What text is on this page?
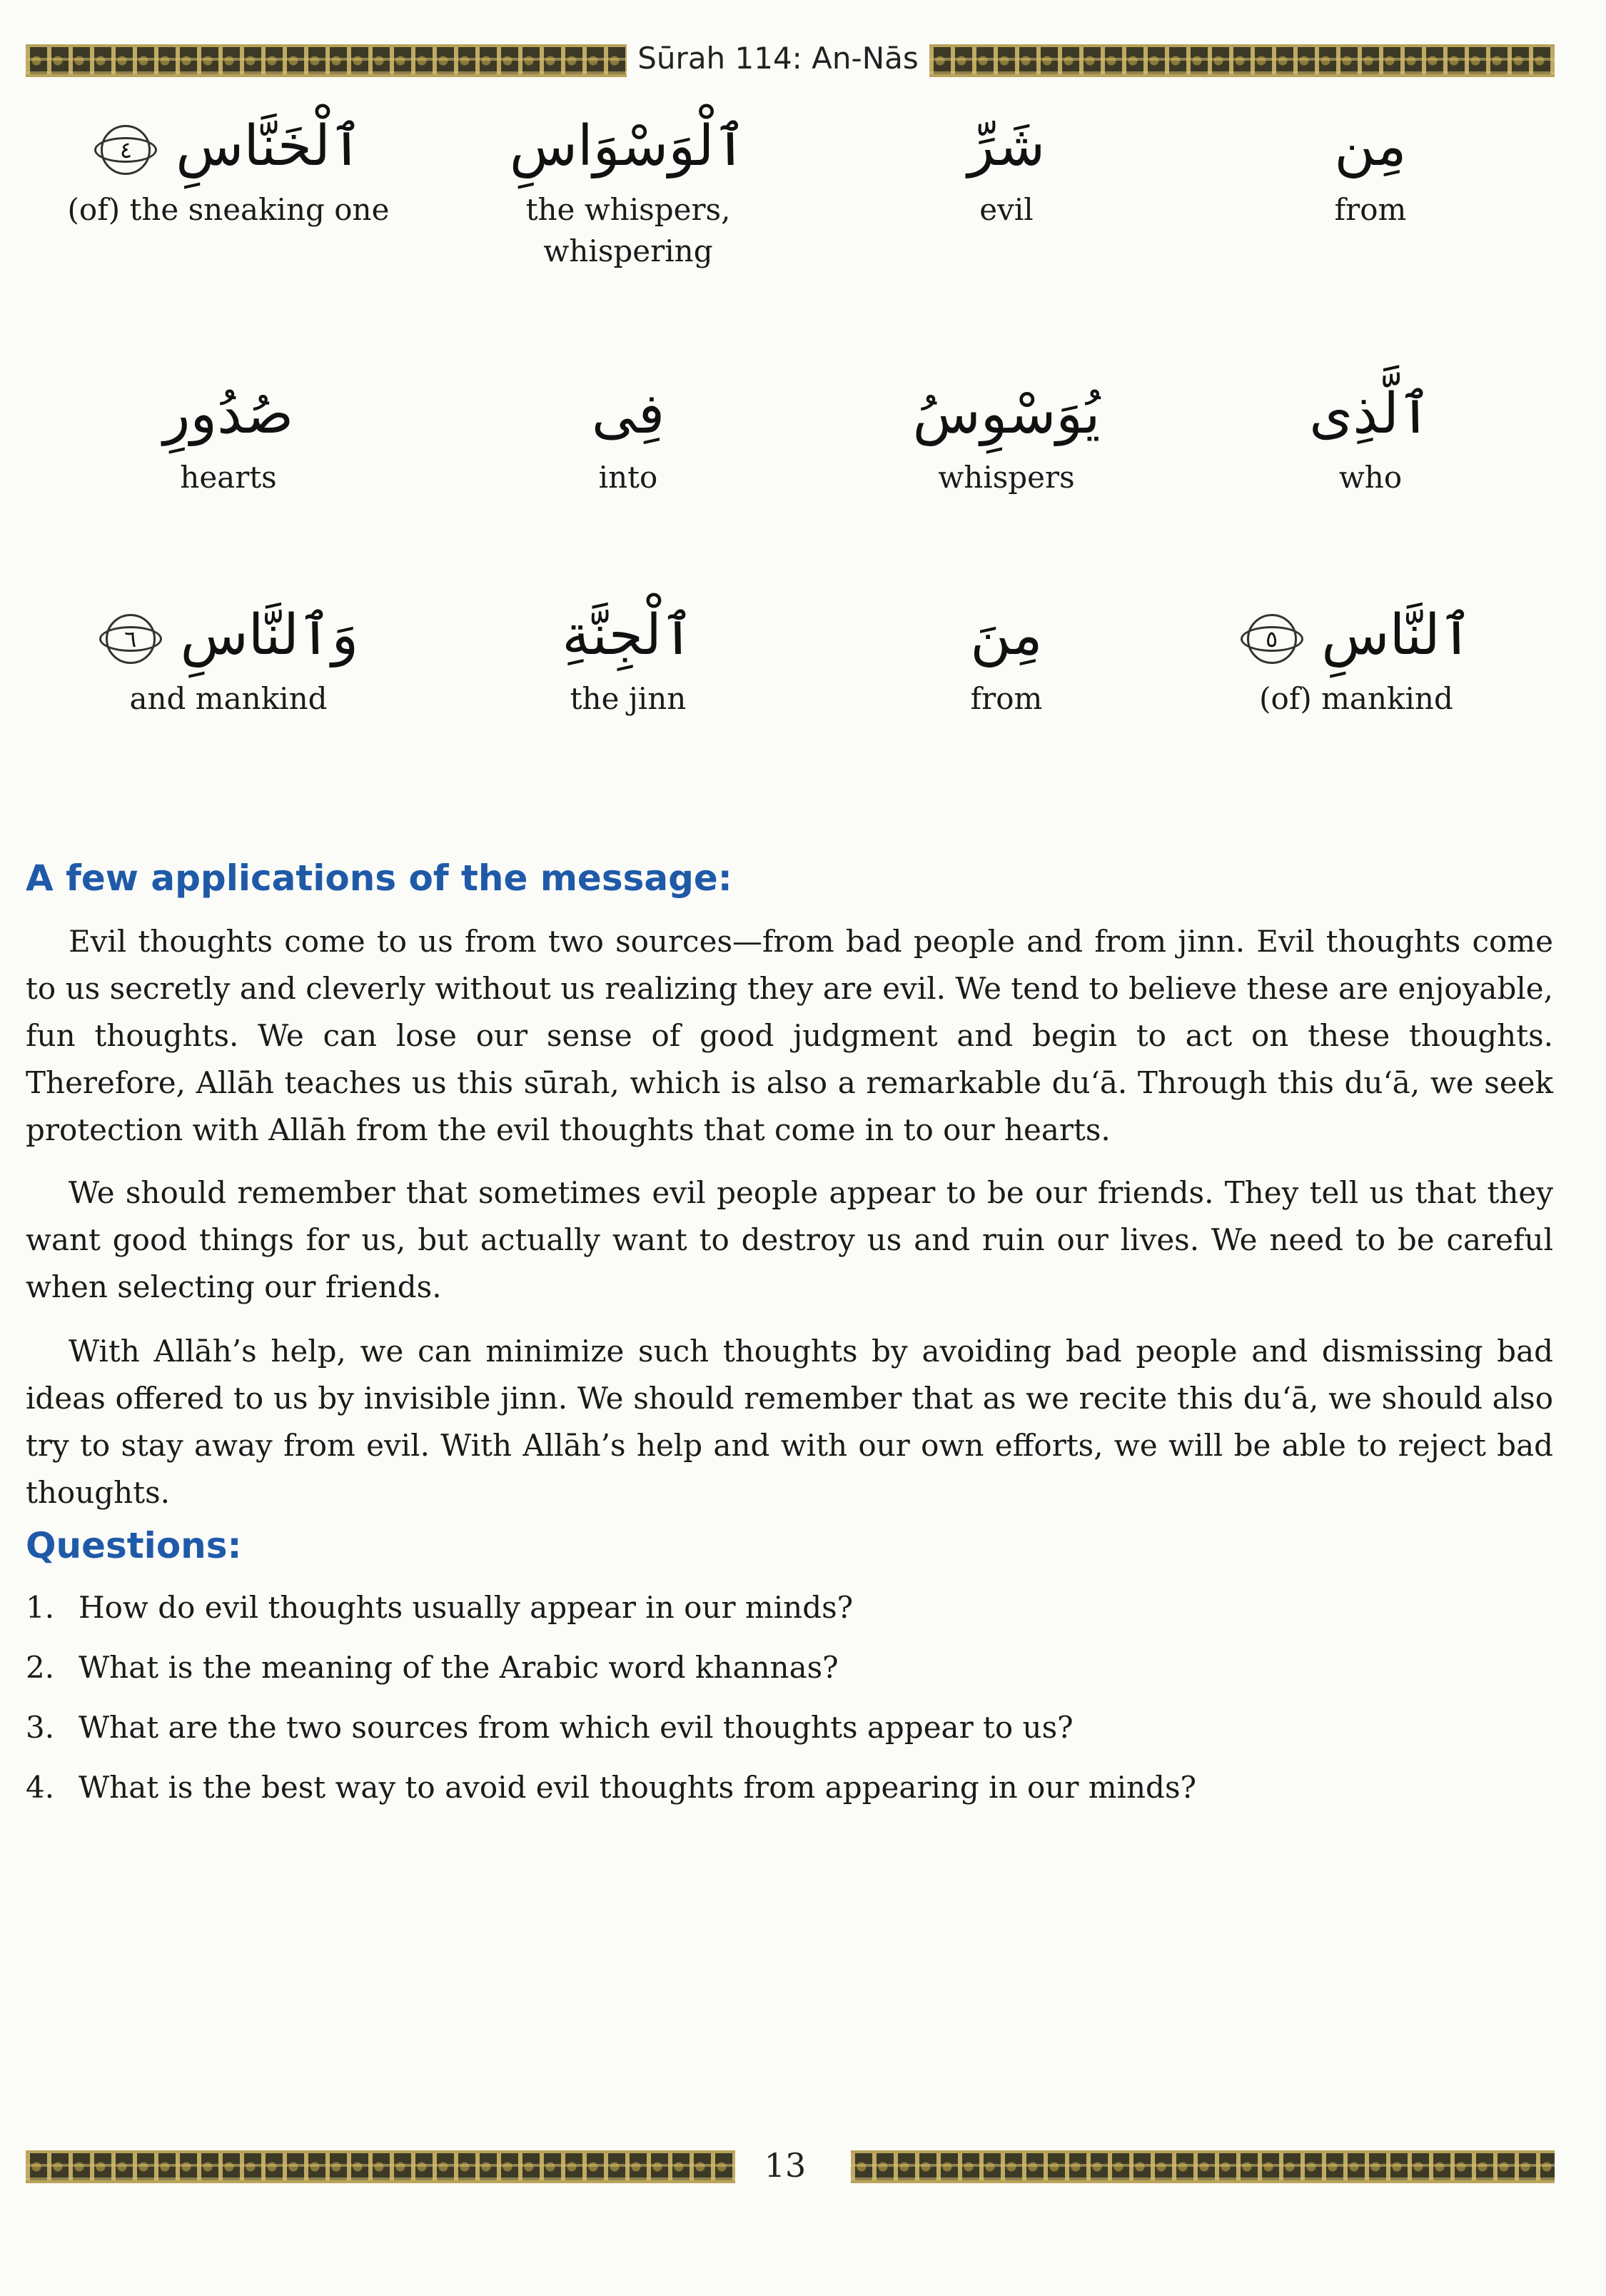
Sūrah 114: An-Nās
مِن
from
شَرِّ
evil
ٱلْوَسْوَاسِ
the whispers, whispering
ٱلْخَنَّاسِ ٤
(of) the sneaking one
ٱلَّذِى
who
يُوَسْوِسُ
whispers
فِى
into
صُدُورِ
hearts
ٱلنَّاسِ ٥
(of) mankind
مِنَ
from
ٱلْجِنَّةِ
the jinn
وَٱلنَّاسِ ٦
and mankind
A few applications of the message:

Evil thoughts come to us from two sources—from bad people and from jinn. Evil thoughts come to us secretly and cleverly without us realizing they are evil. We tend to believe these are enjoyable, fun thoughts. We can lose our sense of good judgment and begin to act on these thoughts. Therefore, Allāh teaches us this sūrah, which is also a remarkable du‘ā. Through this du‘ā, we seek protection with Allāh from the evil thoughts that come in to our hearts.

We should remember that sometimes evil people appear to be our friends. They tell us that they want good things for us, but actually want to destroy us and ruin our lives. We need to be careful when selecting our friends.

With Allāh’s help, we can minimize such thoughts by avoiding bad people and dismissing bad ideas offered to us by invisible jinn. We should remember that as we recite this du‘ā, we should also try to stay away from evil. With Allāh’s help and with our own efforts, we will be able to reject bad thoughts.

Questions:
1. How do evil thoughts usually appear in our minds?
2. What is the meaning of the Arabic word khannas?
3. What are the two sources from which evil thoughts appear to us?
4. What is the best way to avoid evil thoughts from appearing in our minds?
13
